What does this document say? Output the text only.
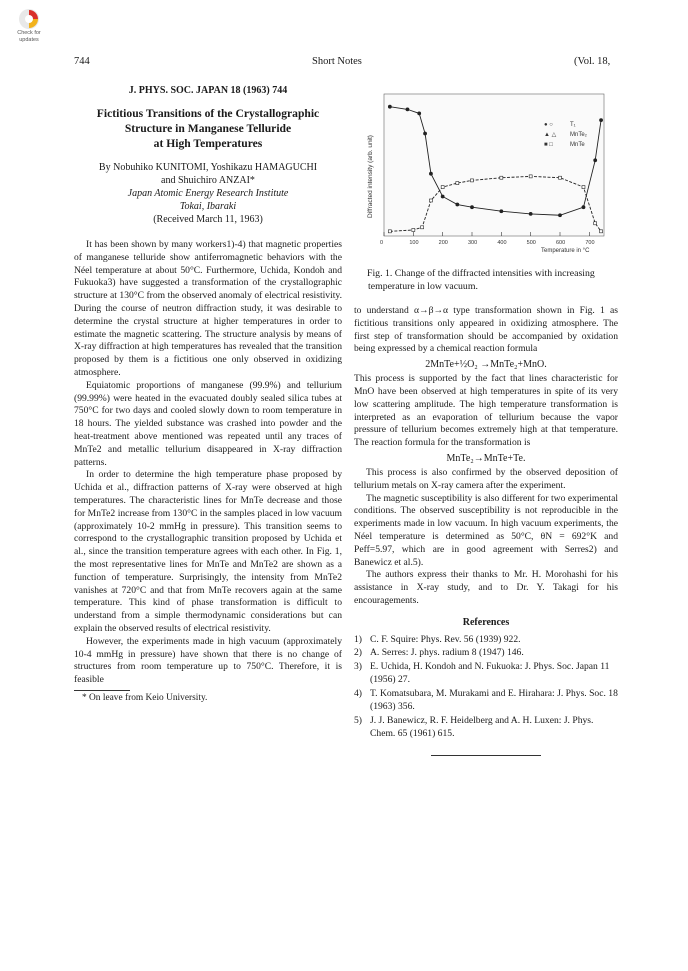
Check for
updates
744	Short Notes	(Vol. 18,
J. PHYS. SOC. JAPAN 18 (1963) 744
Fictitious Transitions of the Crystallographic
Structure in Manganese Telluride
at High Temperatures
By Nobuhiko KUNITOMI, Yoshikazu HAMAGUCHI
and Shuichiro ANZAI*
Japan Atomic Energy Research Institute
Tokai, Ibaraki
(Received March 11, 1963)

It has been shown by many workers1)-4) that magnetic properties of manganese telluride show antiferromagnetic behaviors with the Néel temperature at about 50°C. Furthermore, Uchida, Kondoh and Fukuoka3) have suggested a transformation of the crystallographic structure at 130°C from the observed anomaly of electrical resistivity. During the course of neutron diffraction study, it was desirable to determine the crystal structure at higher temperatures in order to estimate the magnetic scattering. The structure analysis by means of X-ray diffraction at high temperatures has revealed that the transition proposed by them is a fictitious one only observed in oxidizing atmosphere.

Equiatomic proportions of manganese (99.9%) and tellurium (99.99%) were heated in the evacuated doubly sealed silica tubes at 750°C for two days and cooled slowly down to room temperature in 18 hours. The yielded substance was crashed into powder and the heat-treatment above mentioned was repeated until any traces of MnTe2 and metallic tellurium disappeared in X-ray diffraction patterns.

In order to determine the high temperature phase proposed by Uchida et al., diffraction patterns of X-ray were observed at high temperatures. The characteristic lines for MnTe decrease and those for MnTe2 increase from 130°C in the samples placed in low vacuum (approximately 10-2 mmHg in pressure). This transition seems to correspond to the crystallographic transition proposed by Uchida et al., since the transition temperature agrees with each other. In Fig. 1, the most representative lines for MnTe and MnTe2 are shown as a function of temperature. Surprisingly, the intensity from MnTe2 vanishes at 720°C and that from MnTe recovers again at the same temperature. This kind of phase transformation is difficult to understand from a simple thermodynamic considerations but can explain the observed results of electrical resistivity.

However, the experiments made in high vacuum (approximately 10-4 mmHg in pressure) have shown that there is no change of structures from room temperature up to 750°C. Therefore, it is feasible

* On leave from Keio University.
Diffracted intensity (arb. unit)
Temperature in °C
0	100	200	300	400	500	600	700
● ○	T₁
▲ △ MnTe₂
■ □	MnTe
Fig. 1. Change of the diffracted intensities with increasing temperature in low vacuum.

to understand α→β→α type transformation shown in Fig. 1 as fictitious transitions only appeared in oxidizing atmosphere. The first step of transformation should be accompanied by oxidation being expressed by a chemical reaction formula

2MnTe+½O₂ →MnTe₂+MnO.

This process is supported by the fact that lines characteristic for MnO have been observed at high temperatures in spite of its very low scattering amplitude. The high temperature transformation is interpreted as an evaporation of tellurium because the vapor pressure of tellurium becomes extremely high at that temperature. The reaction formula for the transformation is

MnTe₂→MnTe+Te.

This process is also confirmed by the observed deposition of tellurium metals on X-ray camera after the experiment.

The magnetic susceptibility is also different for two experimental conditions. The observed susceptibility is not reproducible in the experiments made in low vacuum. In high vacuum experiments, the Néel temperature is determined as 50°C, θN = 692°K and Peff=5.97, which are in good agreement with Serres2) and Banewicz et al.5).

The authors express their thanks to Mr. H. Morohashi for his assistance in X-ray study, and to Dr. Y. Takagi for his encouragements.

References
1) C. F. Squire: Phys. Rev. 56 (1939) 922.
2) A. Serres: J. phys. radium 8 (1947) 146.
3) E. Uchida, H. Kondoh and N. Fukuoka: J. Phys. Soc. Japan 11 (1956) 27.
4) T. Komatsubara, M. Murakami and E. Hirahara: J. Phys. Soc. 18 (1963) 356.
5) J. J. Banewicz, R. F. Heidelberg and A. H. Luxen: J. Phys. Chem. 65 (1961) 615.
